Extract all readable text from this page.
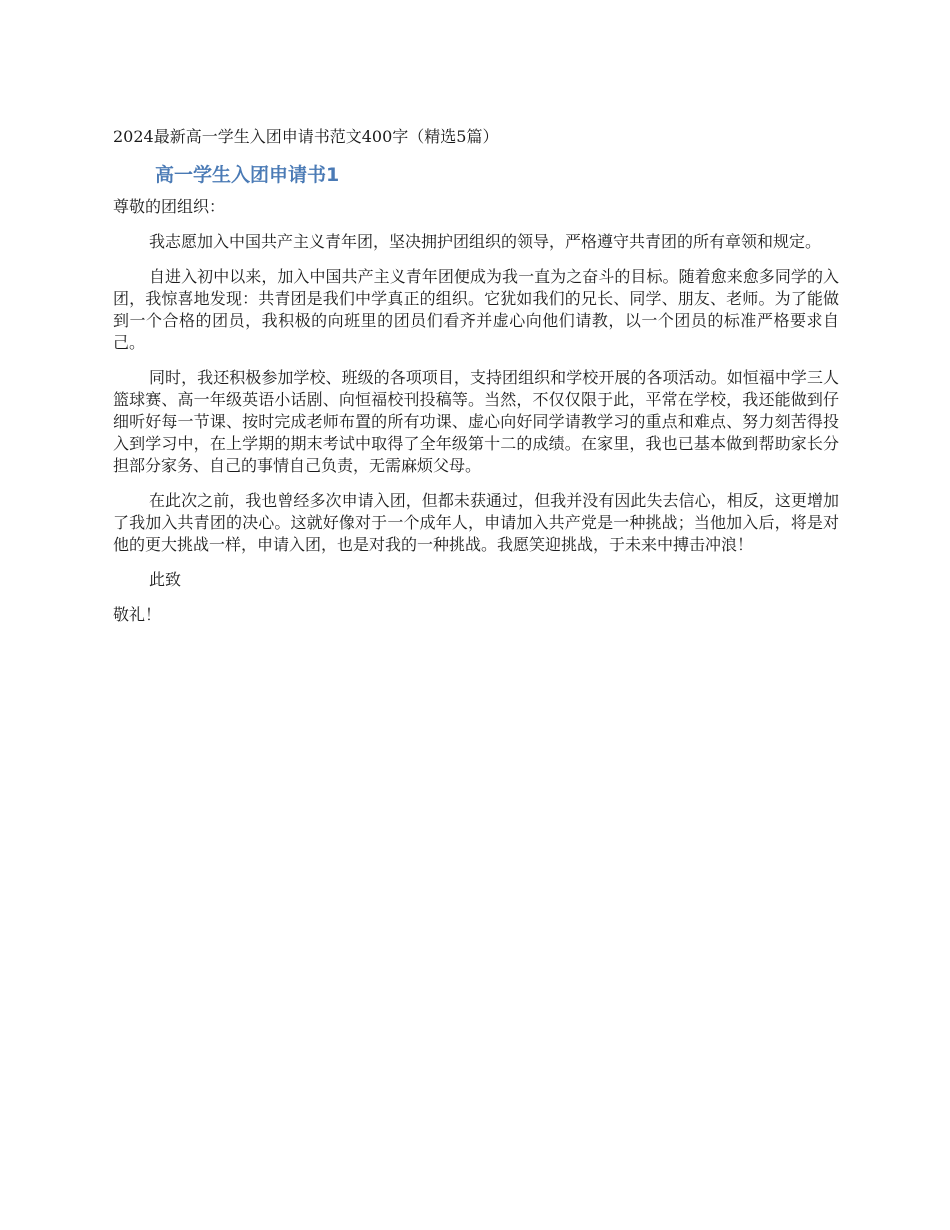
2024最新高一学生入团申请书范文400字（精选5篇）
高一学生入团申请书1
尊敬的团组织：

我志愿加入中国共产主义青年团，坚决拥护团组织的领导，严格遵守共青团的所有章领和规定。

自进入初中以来，加入中国共产主义青年团便成为我一直为之奋斗的目标。随着愈来愈多同学的入团，我惊喜地发现：共青团是我们中学真正的组织。它犹如我们的兄长、同学、朋友、老师。为了能做到一个合格的团员，我积极的向班里的团员们看齐并虚心向他们请教，以一个团员的标准严格要求自己。

同时，我还积极参加学校、班级的各项项目，支持团组织和学校开展的各项活动。如恒福中学三人篮球赛、高一年级英语小话剧、向恒福校刊投稿等。当然，不仅仅限于此，平常在学校，我还能做到仔细听好每一节课、按时完成老师布置的所有功课、虚心向好同学请教学习的重点和难点、努力刻苦得投入到学习中，在上学期的期末考试中取得了全年级第十二的成绩。在家里，我也已基本做到帮助家长分担部分家务、自己的事情自己负责，无需麻烦父母。

在此次之前，我也曾经多次申请入团，但都未获通过，但我并没有因此失去信心，相反，这更增加了我加入共青团的决心。这就好像对于一个成年人，申请加入共产党是一种挑战；当他加入后，将是对他的更大挑战一样，申请入团，也是对我的一种挑战。我愿笑迎挑战，于未来中搏击冲浪！

此致

敬礼！
